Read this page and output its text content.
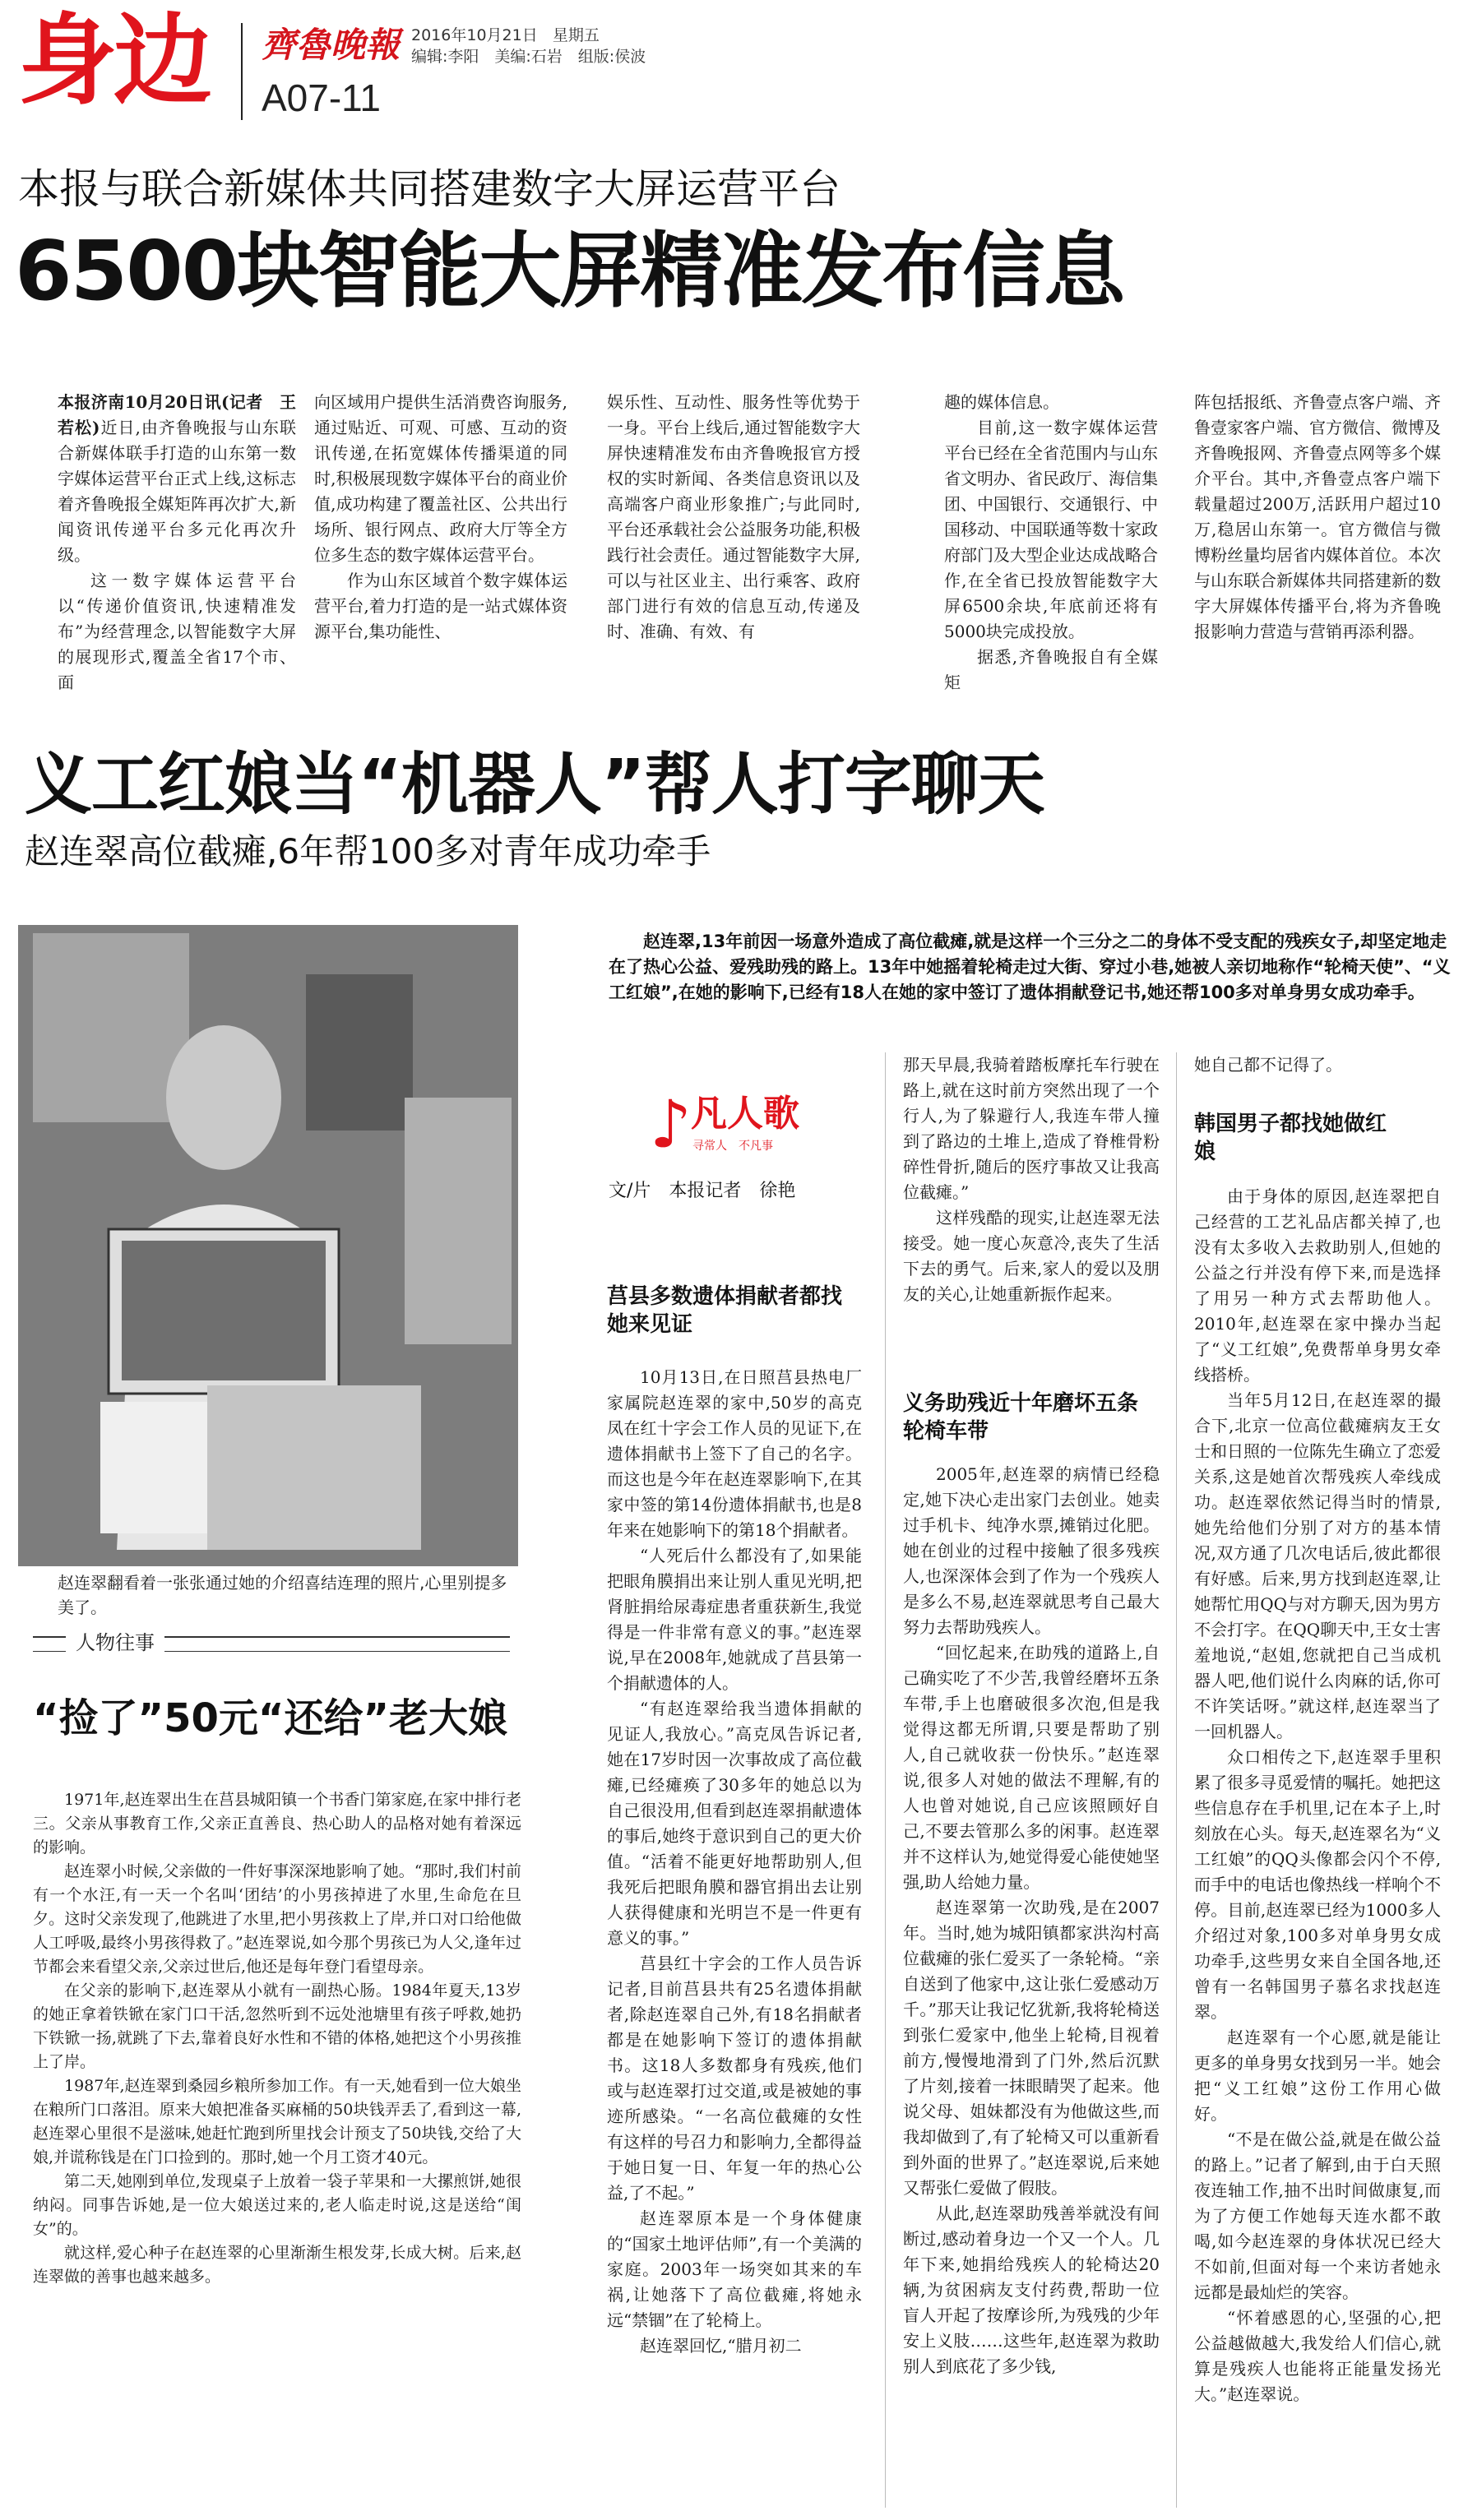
身边 齊魯晚報
A07-11
2016年10月21日 星期五
编辑:李阳　美编:石岩　组版:侯波
本报与联合新媒体共同搭建数字大屏运营平台
6500块智能大屏精准发布信息

本报济南10月20日讯(记者　王若松)近日,由齐鲁晚报与山东联合新媒体联手打造的山东第一数字媒体运营平台正式上线,这标志着齐鲁晚报全媒矩阵再次扩大,新闻资讯传递平台多元化再次升级。

这一数字媒体运营平台以“传递价值资讯,快速精准发布”为经营理念,以智能数字大屏的展现形式,覆盖全省17个市、面

向区域用户提供生活消费咨询服务,通过贴近、可观、可感、互动的资讯传递,在拓宽媒体传播渠道的同时,积极展现数字媒体平台的商业价值,成功构建了覆盖社区、公共出行场所、银行网点、政府大厅等全方位多生态的数字媒体运营平台。

作为山东区域首个数字媒体运营平台,着力打造的是一站式媒体资源平台,集功能性、

娱乐性、互动性、服务性等优势于一身。平台上线后,通过智能数字大屏快速精准发布由齐鲁晚报官方授权的实时新闻、各类信息资讯以及高端客户商业形象推广;与此同时,平台还承载社会公益服务功能,积极践行社会责任。通过智能数字大屏,可以与社区业主、出行乘客、政府部门进行有效的信息互动,传递及时、准确、有效、有

趣的媒体信息。

目前,这一数字媒体运营平台已经在全省范围内与山东省文明办、省民政厅、海信集团、中国银行、交通银行、中国移动、中国联通等数十家政府部门及大型企业达成战略合作,在全省已投放智能数字大屏6500余块,年底前还将有5000块完成投放。

据悉,齐鲁晚报自有全媒矩

阵包括报纸、齐鲁壹点客户端、齐鲁壹家客户端、官方微信、微博及齐鲁晚报网、齐鲁壹点网等多个媒介平台。其中,齐鲁壹点客户端下载量超过200万,活跃用户超过10万,稳居山东第一。官方微信与微博粉丝量均居省内媒体首位。本次与山东联合新媒体共同搭建新的数字大屏媒体传播平台,将为齐鲁晚报影响力营造与营销再添利器。

义工红娘当“机器人”帮人打字聊天
赵连翠高位截瘫,6年帮100多对青年成功牵手
赵连翠翻看着一张张通过她的介绍喜结连理的照片,心里别提多美了。
赵连翠,13年前因一场意外造成了高位截瘫,就是这样一个三分之二的身体不受支配的残疾女子,却坚定地走在了热心公益、爱残助残的路上。13年中她摇着轮椅走过大街、穿过小巷,她被人亲切地称作“轮椅天使”、“义工红娘”,在她的影响下,已经有18人在她的家中签订了遗体捐献登记书,她还帮100多对单身男女成功牵手。
♪
凡人歌
寻常人　不凡事
文/片　本报记者　徐艳
莒县多数遗体捐献者都找她来见证

10月13日,在日照莒县热电厂家属院赵连翠的家中,50岁的高克凤在红十字会工作人员的见证下,在遗体捐献书上签下了自己的名字。而这也是今年在赵连翠影响下,在其家中签的第14份遗体捐献书,也是8年来在她影响下的第18个捐献者。

“人死后什么都没有了,如果能把眼角膜捐出来让别人重见光明,把肾脏捐给尿毒症患者重获新生,我觉得是一件非常有意义的事。”赵连翠说,早在2008年,她就成了莒县第一个捐献遗体的人。

“有赵连翠给我当遗体捐献的见证人,我放心。”高克凤告诉记者,她在17岁时因一次事故成了高位截瘫,已经瘫痪了30多年的她总以为自己很没用,但看到赵连翠捐献遗体的事后,她终于意识到自己的更大价值。“活着不能更好地帮助别人,但我死后把眼角膜和器官捐出去让别人获得健康和光明岂不是一件更有意义的事。”

莒县红十字会的工作人员告诉记者,目前莒县共有25名遗体捐献者,除赵连翠自己外,有18名捐献者都是在她影响下签订的遗体捐献书。这18人多数都身有残疾,他们或与赵连翠打过交道,或是被她的事迹所感染。“一名高位截瘫的女性有这样的号召力和影响力,全都得益于她日复一日、年复一年的热心公益,了不起。”

赵连翠原本是一个身体健康的“国家土地评估师”,有一个美满的家庭。2003年一场突如其来的车祸,让她落下了高位截瘫,将她永远“禁锢”在了轮椅上。

赵连翠回忆,“腊月初二

那天早晨,我骑着踏板摩托车行驶在路上,就在这时前方突然出现了一个行人,为了躲避行人,我连车带人撞到了路边的土堆上,造成了脊椎骨粉碎性骨折,随后的医疗事故又让我高位截瘫。”

这样残酷的现实,让赵连翠无法接受。她一度心灰意冷,丧失了生活下去的勇气。后来,家人的爱以及朋友的关心,让她重新振作起来。

义务助残近十年磨坏五条轮椅车带

2005年,赵连翠的病情已经稳定,她下决心走出家门去创业。她卖过手机卡、纯净水票,摊销过化肥。她在创业的过程中接触了很多残疾人,也深深体会到了作为一个残疾人是多么不易,赵连翠就思考自己最大努力去帮助残疾人。

“回忆起来,在助残的道路上,自己确实吃了不少苦,我曾经磨坏五条车带,手上也磨破很多次泡,但是我觉得这都无所谓,只要是帮助了别人,自己就收获一份快乐。”赵连翠说,很多人对她的做法不理解,有的人也曾对她说,自己应该照顾好自己,不要去管那么多的闲事。赵连翠并不这样认为,她觉得爱心能使她坚强,助人给她力量。

赵连翠第一次助残,是在2007年。当时,她为城阳镇都家洪沟村高位截瘫的张仁爱买了一条轮椅。“亲自送到了他家中,这让张仁爱感动万千。”那天让我记忆犹新,我将轮椅送到张仁爱家中,他坐上轮椅,目视着前方,慢慢地滑到了门外,然后沉默了片刻,接着一抹眼睛哭了起来。他说父母、姐妹都没有为他做这些,而我却做到了,有了轮椅又可以重新看到外面的世界了。”赵连翠说,后来她又帮张仁爱做了假肢。

从此,赵连翠助残善举就没有间断过,感动着身边一个又一个人。几年下来,她捐给残疾人的轮椅达20辆,为贫困病友支付药费,帮助一位盲人开起了按摩诊所,为残残的少年安上义肢……这些年,赵连翠为救助别人到底花了多少钱,

她自己都不记得了。

韩国男子都找她做红娘

由于身体的原因,赵连翠把自己经营的工艺礼品店都关掉了,也没有太多收入去救助别人,但她的公益之行并没有停下来,而是选择了用另一种方式去帮助他人。2010年,赵连翠在家中操办当起了“义工红娘”,免费帮单身男女牵线搭桥。

当年5月12日,在赵连翠的撮合下,北京一位高位截瘫病友王女士和日照的一位陈先生确立了恋爱关系,这是她首次帮残疾人牵线成功。赵连翠依然记得当时的情景,她先给他们分别了对方的基本情况,双方通了几次电话后,彼此都很有好感。后来,男方找到赵连翠,让她帮忙用QQ与对方聊天,因为男方不会打字。在QQ聊天中,王女士害羞地说,“赵姐,您就把自己当成机器人吧,他们说什么肉麻的话,你可不许笑话呀。”就这样,赵连翠当了一回机器人。

众口相传之下,赵连翠手里积累了很多寻觅爱情的嘱托。她把这些信息存在手机里,记在本子上,时刻放在心头。每天,赵连翠名为“义工红娘”的QQ头像都会闪个不停,而手中的电话也像热线一样响个不停。目前,赵连翠已经为1000多人介绍过对象,100多对单身男女成功牵手,这些男女来自全国各地,还曾有一名韩国男子慕名求找赵连翠。

赵连翠有一个心愿,就是能让更多的单身男女找到另一半。她会把“义工红娘”这份工作用心做好。

“不是在做公益,就是在做公益的路上。”记者了解到,由于白天照夜连轴工作,抽不出时间做康复,而为了方便工作她每天连水都不敢喝,如今赵连翠的身体状况已经大不如前,但面对每一个来访者她永远都是最灿烂的笑容。

“怀着感恩的心,坚强的心,把公益越做越大,我发给人们信心,就算是残疾人也能将正能量发扬光大。”赵连翠说。

人物往事
“捡了”50元“还给”老大娘

1971年,赵连翠出生在莒县城阳镇一个书香门第家庭,在家中排行老三。父亲从事教育工作,父亲正直善良、热心助人的品格对她有着深远的影响。

赵连翠小时候,父亲做的一件好事深深地影响了她。“那时,我们村前有一个水汪,有一天一个名叫‘团结’的小男孩掉进了水里,生命危在旦夕。这时父亲发现了,他跳进了水里,把小男孩救上了岸,并口对口给他做人工呼吸,最终小男孩得救了。”赵连翠说,如今那个男孩已为人父,逢年过节都会来看望父亲,父亲过世后,他还是每年登门看望母亲。

在父亲的影响下,赵连翠从小就有一副热心肠。1984年夏天,13岁的她正拿着铁锨在家门口干活,忽然听到不远处池塘里有孩子呼救,她扔下铁锨一扬,就跳了下去,靠着良好水性和不错的体格,她把这个小男孩推上了岸。

1987年,赵连翠到桑园乡粮所参加工作。有一天,她看到一位大娘坐在粮所门口落泪。原来大娘把准备买麻桶的50块钱弄丢了,看到这一幕,赵连翠心里很不是滋味,她赶忙跑到所里找会计预支了50块钱,交给了大娘,并谎称钱是在门口捡到的。那时,她一个月工资才40元。

第二天,她刚到单位,发现桌子上放着一袋子苹果和一大摞煎饼,她很纳闷。同事告诉她,是一位大娘送过来的,老人临走时说,这是送给“闺女”的。

就这样,爱心种子在赵连翠的心里渐渐生根发芽,长成大树。后来,赵连翠做的善事也越来越多。
